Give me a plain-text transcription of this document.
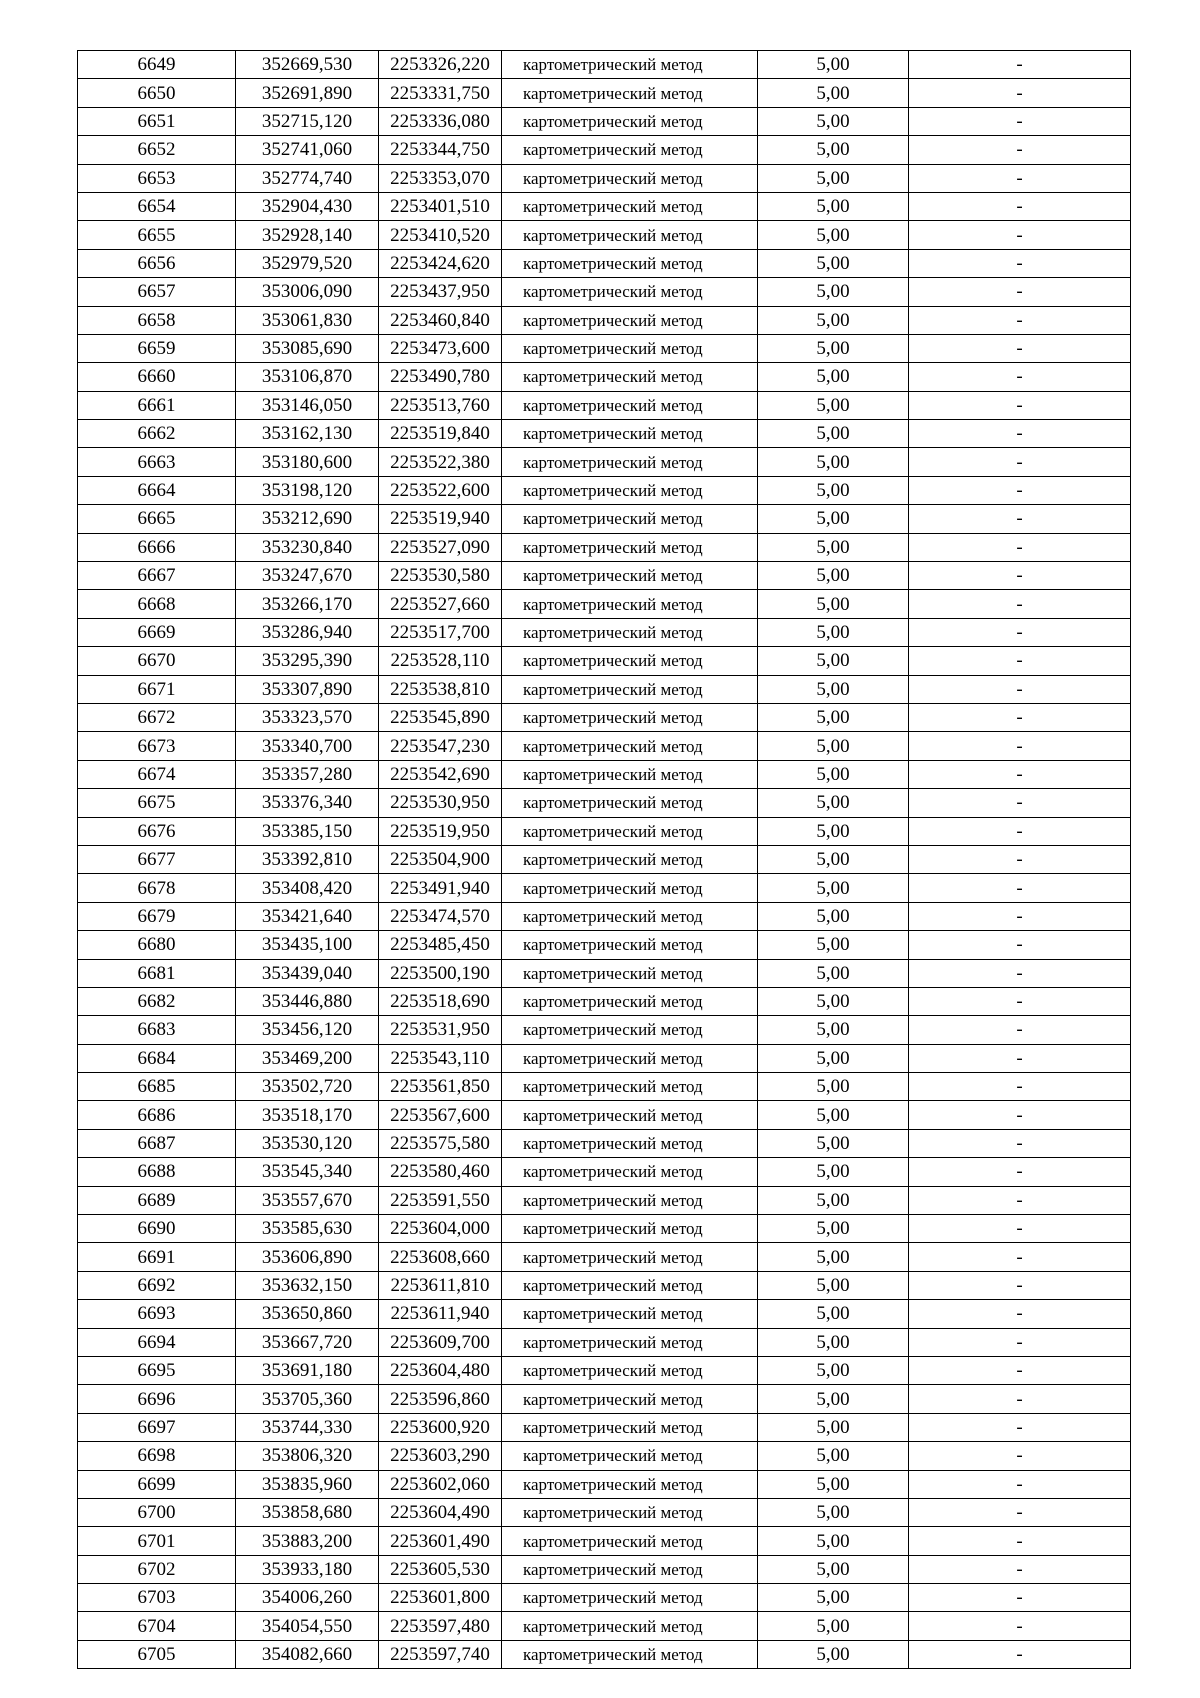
6649	352669,530	2253326,220	картометрический метод	5,00	-
6650	352691,890	2253331,750	картометрический метод	5,00	-
6651	352715,120	2253336,080	картометрический метод	5,00	-
6652	352741,060	2253344,750	картометрический метод	5,00	-
6653	352774,740	2253353,070	картометрический метод	5,00	-
6654	352904,430	2253401,510	картометрический метод	5,00	-
6655	352928,140	2253410,520	картометрический метод	5,00	-
6656	352979,520	2253424,620	картометрический метод	5,00	-
6657	353006,090	2253437,950	картометрический метод	5,00	-
6658	353061,830	2253460,840	картометрический метод	5,00	-
6659	353085,690	2253473,600	картометрический метод	5,00	-
6660	353106,870	2253490,780	картометрический метод	5,00	-
6661	353146,050	2253513,760	картометрический метод	5,00	-
6662	353162,130	2253519,840	картометрический метод	5,00	-
6663	353180,600	2253522,380	картометрический метод	5,00	-
6664	353198,120	2253522,600	картометрический метод	5,00	-
6665	353212,690	2253519,940	картометрический метод	5,00	-
6666	353230,840	2253527,090	картометрический метод	5,00	-
6667	353247,670	2253530,580	картометрический метод	5,00	-
6668	353266,170	2253527,660	картометрический метод	5,00	-
6669	353286,940	2253517,700	картометрический метод	5,00	-
6670	353295,390	2253528,110	картометрический метод	5,00	-
6671	353307,890	2253538,810	картометрический метод	5,00	-
6672	353323,570	2253545,890	картометрический метод	5,00	-
6673	353340,700	2253547,230	картометрический метод	5,00	-
6674	353357,280	2253542,690	картометрический метод	5,00	-
6675	353376,340	2253530,950	картометрический метод	5,00	-
6676	353385,150	2253519,950	картометрический метод	5,00	-
6677	353392,810	2253504,900	картометрический метод	5,00	-
6678	353408,420	2253491,940	картометрический метод	5,00	-
6679	353421,640	2253474,570	картометрический метод	5,00	-
6680	353435,100	2253485,450	картометрический метод	5,00	-
6681	353439,040	2253500,190	картометрический метод	5,00	-
6682	353446,880	2253518,690	картометрический метод	5,00	-
6683	353456,120	2253531,950	картометрический метод	5,00	-
6684	353469,200	2253543,110	картометрический метод	5,00	-
6685	353502,720	2253561,850	картометрический метод	5,00	-
6686	353518,170	2253567,600	картометрический метод	5,00	-
6687	353530,120	2253575,580	картометрический метод	5,00	-
6688	353545,340	2253580,460	картометрический метод	5,00	-
6689	353557,670	2253591,550	картометрический метод	5,00	-
6690	353585,630	2253604,000	картометрический метод	5,00	-
6691	353606,890	2253608,660	картометрический метод	5,00	-
6692	353632,150	2253611,810	картометрический метод	5,00	-
6693	353650,860	2253611,940	картометрический метод	5,00	-
6694	353667,720	2253609,700	картометрический метод	5,00	-
6695	353691,180	2253604,480	картометрический метод	5,00	-
6696	353705,360	2253596,860	картометрический метод	5,00	-
6697	353744,330	2253600,920	картометрический метод	5,00	-
6698	353806,320	2253603,290	картометрический метод	5,00	-
6699	353835,960	2253602,060	картометрический метод	5,00	-
6700	353858,680	2253604,490	картометрический метод	5,00	-
6701	353883,200	2253601,490	картометрический метод	5,00	-
6702	353933,180	2253605,530	картометрический метод	5,00	-
6703	354006,260	2253601,800	картометрический метод	5,00	-
6704	354054,550	2253597,480	картометрический метод	5,00	-
6705	354082,660	2253597,740	картометрический метод	5,00	-
